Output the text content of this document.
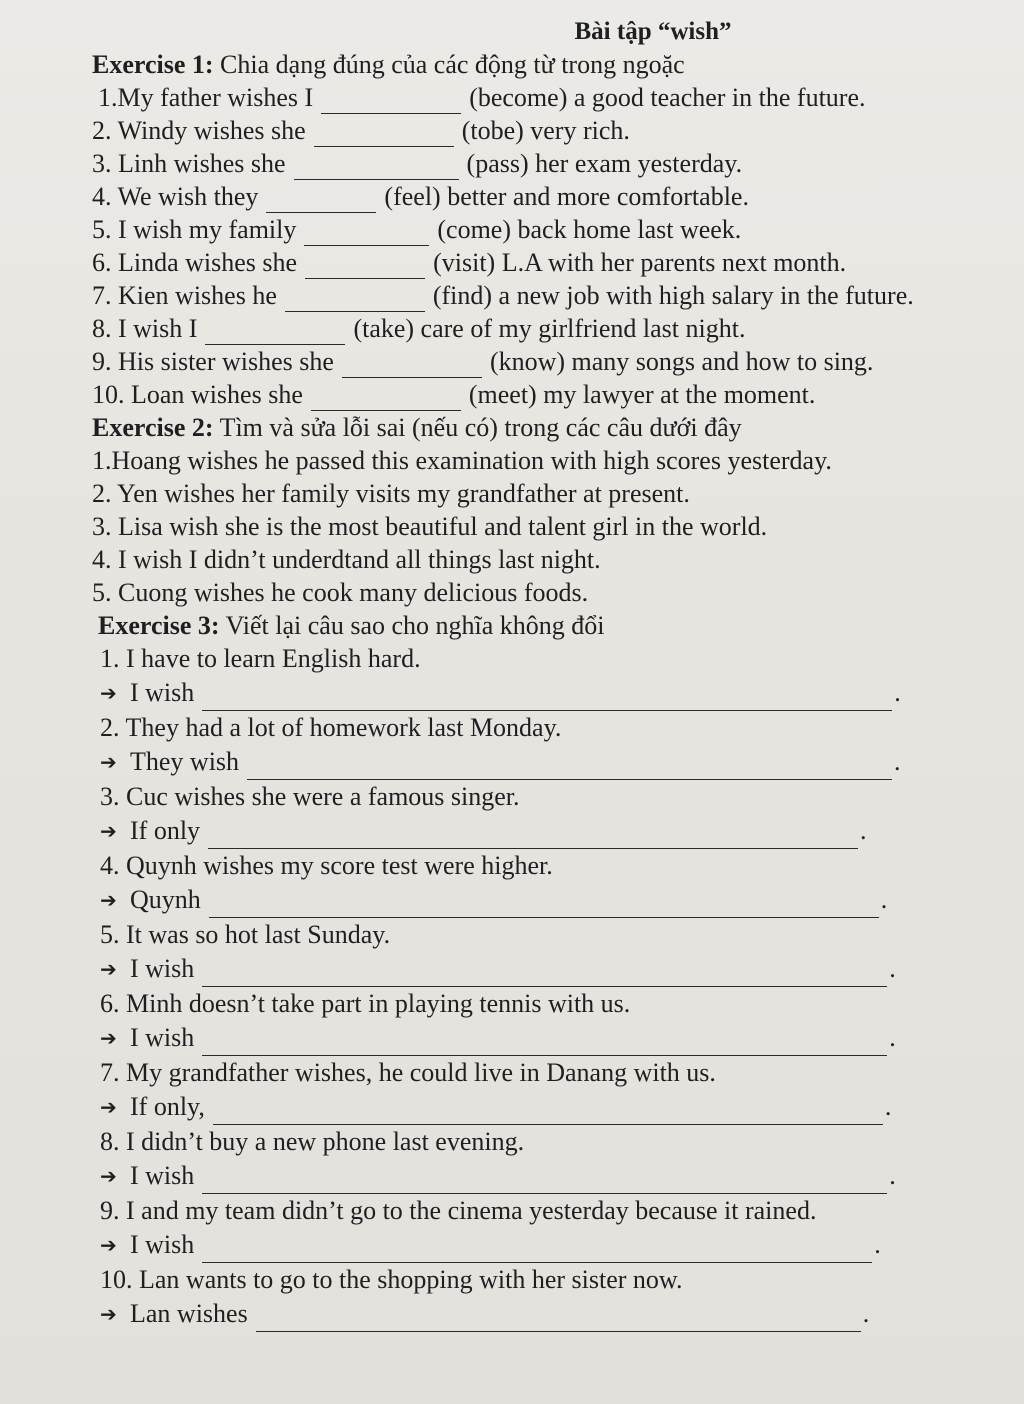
Bài tập “wish”
Exercise 1: Chia dạng đúng của các động từ trong ngoặc
1.My father wishes I	(become) a good teacher in the future.
2. Windy wishes she	(tobe) very rich.
3. Linh wishes she	(pass) her exam yesterday.
4. We wish they	(feel) better and more comfortable.
5. I wish my family	(come) back home last week.
6. Linda wishes she	(visit) L.A with her parents next month.
7. Kien wishes he	(find) a new job with high salary in the future.
8. I wish I	(take) care of my girlfriend last night.
9. His sister wishes she	(know) many songs and how to sing.
10. Loan wishes she	(meet) my lawyer at the moment.
Exercise 2: Tìm và sửa lỗi sai (nếu có) trong các câu dưới đây
1.Hoang wishes he passed this examination with high scores yesterday.
2. Yen wishes her family visits my grandfather at present.
3. Lisa wish she is the most beautiful and talent girl in the world.
4. I wish I didn’t underdtand all things last night.
5. Cuong wishes he cook many delicious foods.
Exercise 3: Viết lại câu sao cho nghĩa không đổi
1. I have to learn English hard.
➔ I wish	.
2. They had a lot of homework last Monday.
➔ They wish	.
3. Cuc wishes she were a famous singer.
➔ If only	.
4. Quynh wishes my score test were higher.
➔ Quynh	.
5. It was so hot last Sunday.
➔ I wish	.
6. Minh doesn’t take part in playing tennis with us.
➔ I wish	.
7. My grandfather wishes, he could live in Danang with us.
➔ If only,	.
8. I didn’t buy a new phone last evening.
➔ I wish	.
9. I and my team didn’t go to the cinema yesterday because it rained.
➔ I wish	.
10. Lan wants to go to the shopping with her sister now.
➔ Lan wishes	.
